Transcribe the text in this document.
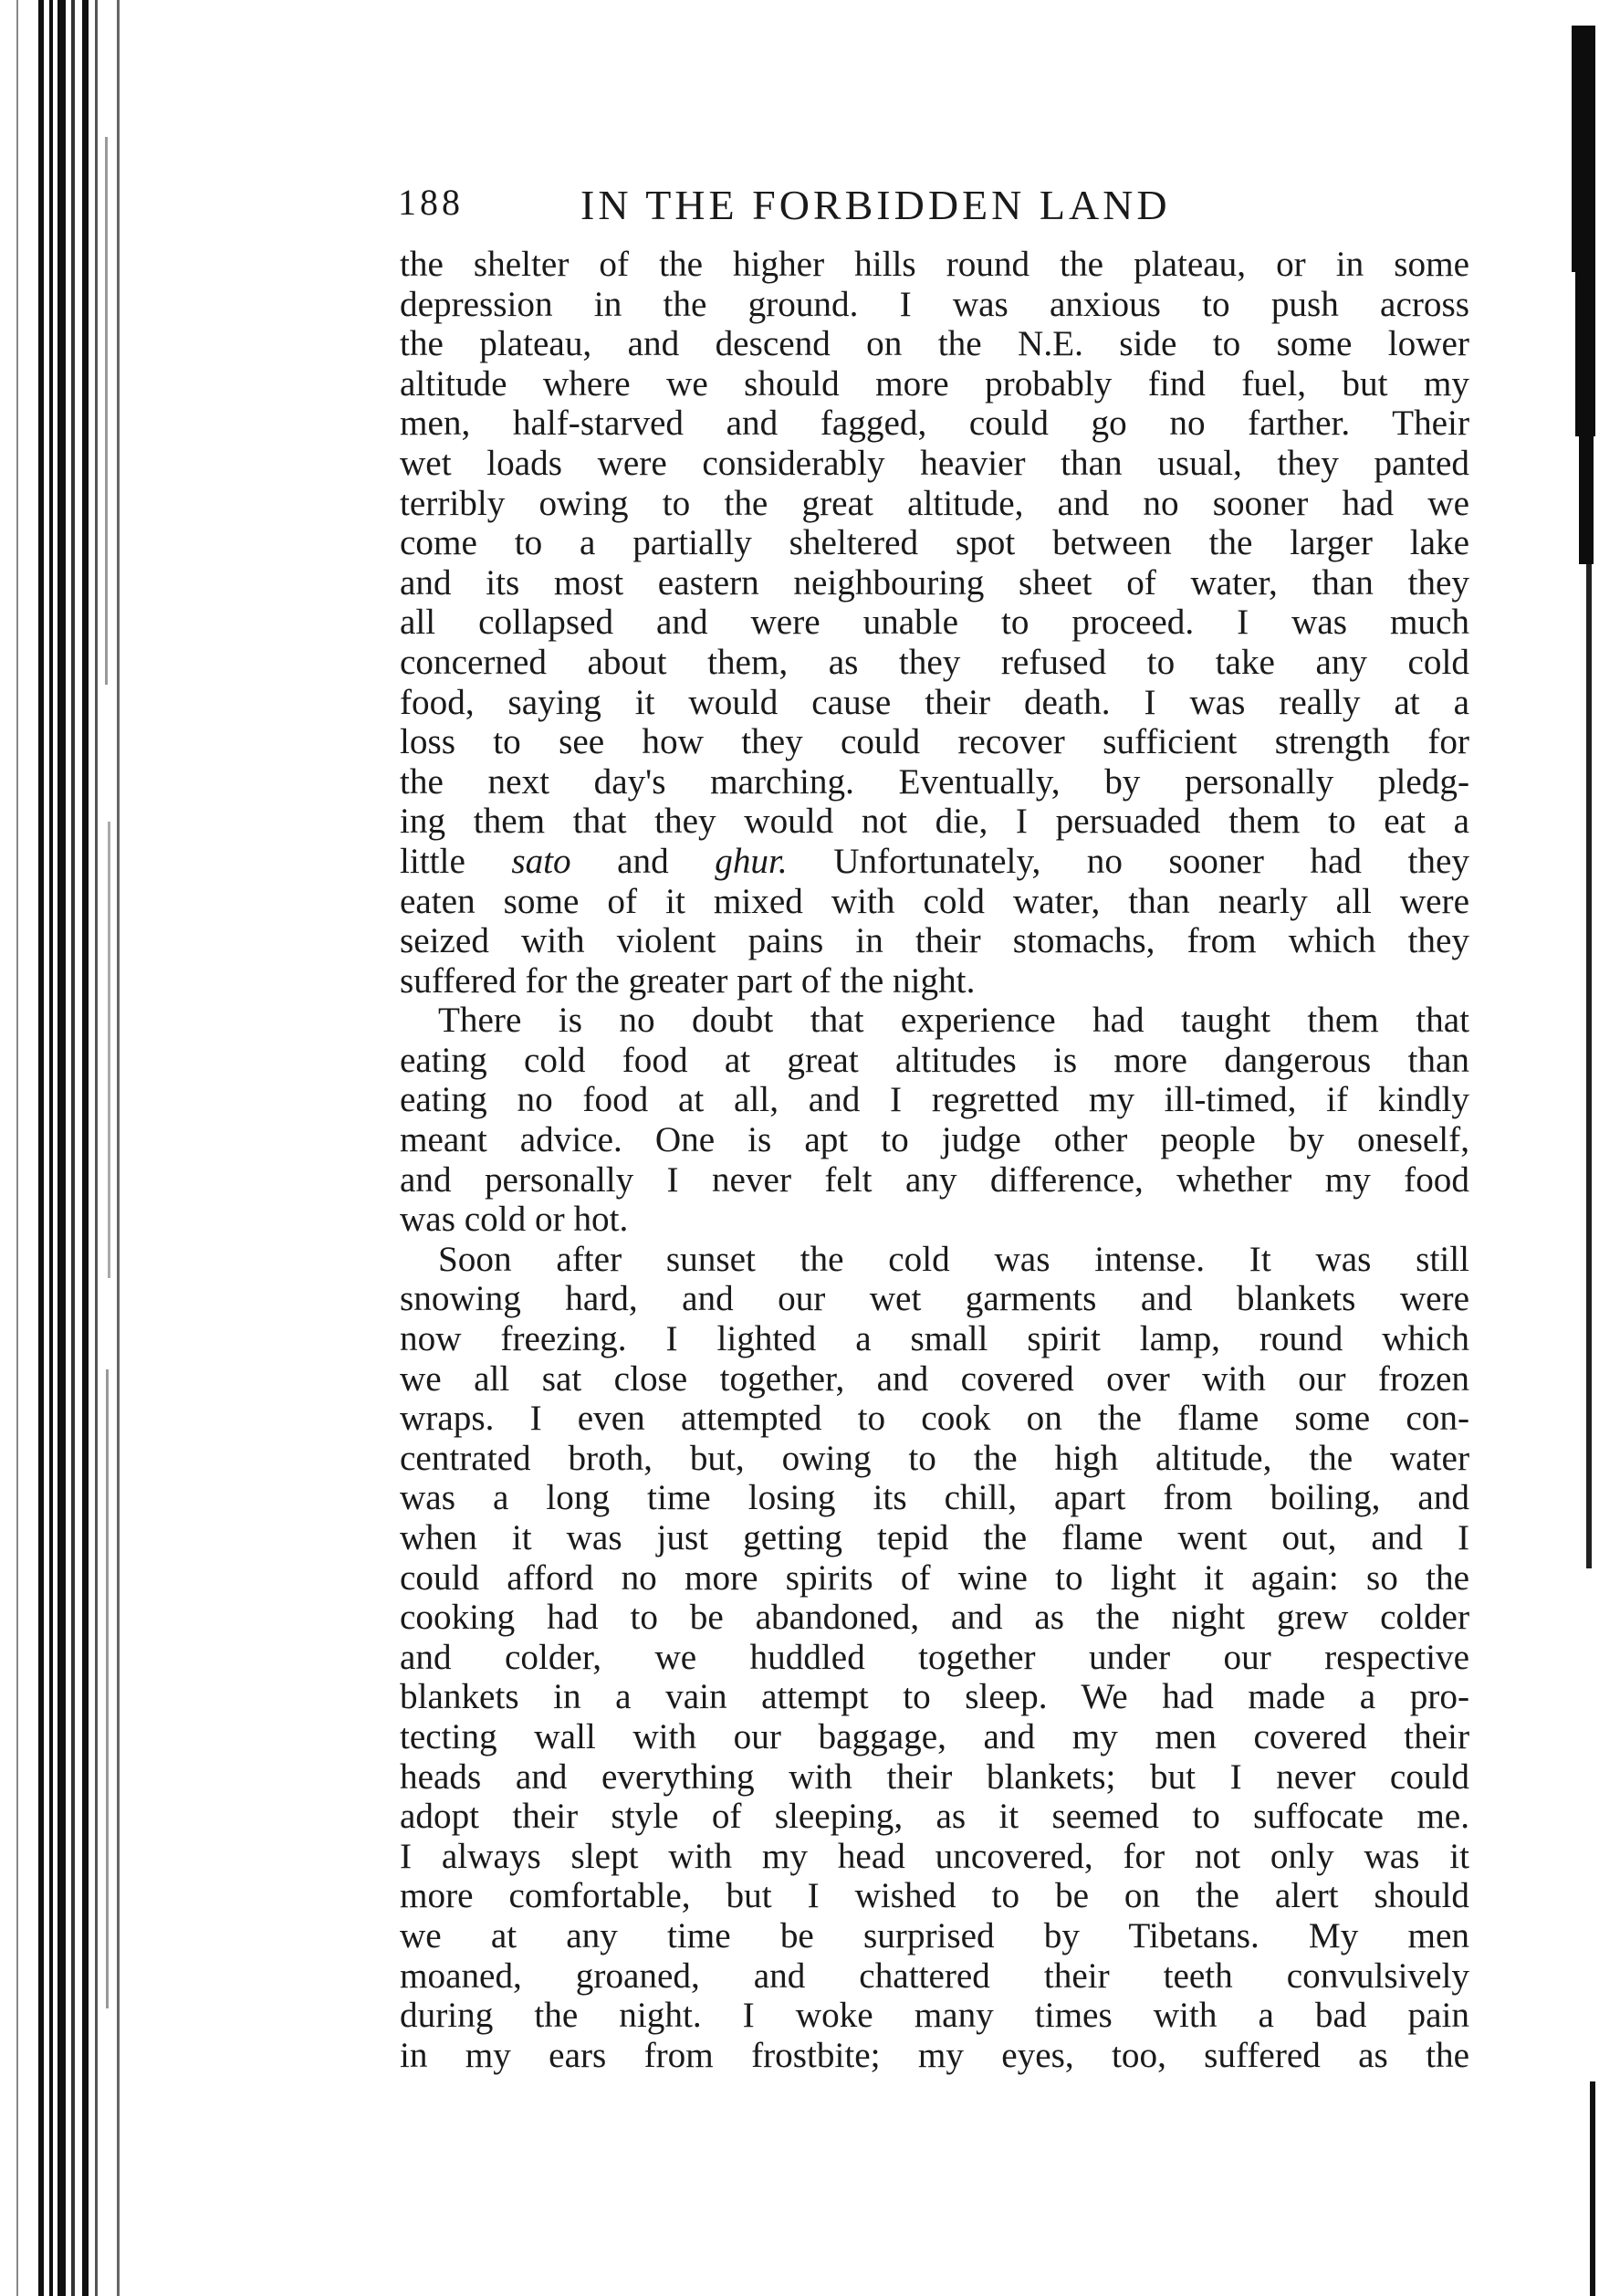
188	IN THE FORBIDDEN LAND
the shelter of the higher hills round the plateau, or in some
depression in the ground. I was anxious to push across
the plateau, and descend on the N.E. side to some lower
altitude where we should more probably find fuel, but my
men, half-starved and fagged, could go no farther. Their
wet loads were considerably heavier than usual, they panted
terribly owing to the great altitude, and no sooner had we
come to a partially sheltered spot between the larger lake
and its most eastern neighbouring sheet of water, than they
all collapsed and were unable to proceed. I was much
concerned about them, as they refused to take any cold
food, saying it would cause their death. I was really at a
loss to see how they could recover sufficient strength for
the next day's marching. Eventually, by personally pledg-
ing them that they would not die, I persuaded them to eat a
little sato and ghur. Unfortunately, no sooner had they
eaten some of it mixed with cold water, than nearly all were
seized with violent pains in their stomachs, from which they
suffered for the greater part of the night.
There is no doubt that experience had taught them that
eating cold food at great altitudes is more dangerous than
eating no food at all, and I regretted my ill-timed, if kindly
meant advice. One is apt to judge other people by oneself,
and personally I never felt any difference, whether my food
was cold or hot.
Soon after sunset the cold was intense. It was still
snowing hard, and our wet garments and blankets were
now freezing. I lighted a small spirit lamp, round which
we all sat close together, and covered over with our frozen
wraps. I even attempted to cook on the flame some con-
centrated broth, but, owing to the high altitude, the water
was a long time losing its chill, apart from boiling, and
when it was just getting tepid the flame went out, and I
could afford no more spirits of wine to light it again: so the
cooking had to be abandoned, and as the night grew colder
and colder, we huddled together under our respective
blankets in a vain attempt to sleep. We had made a pro-
tecting wall with our baggage, and my men covered their
heads and everything with their blankets; but I never could
adopt their style of sleeping, as it seemed to suffocate me.
I always slept with my head uncovered, for not only was it
more comfortable, but I wished to be on the alert should
we at any time be surprised by Tibetans. My men
moaned, groaned, and chattered their teeth convulsively
during the night. I woke many times with a bad pain
in my ears from frostbite; my eyes, too, suffered as the
